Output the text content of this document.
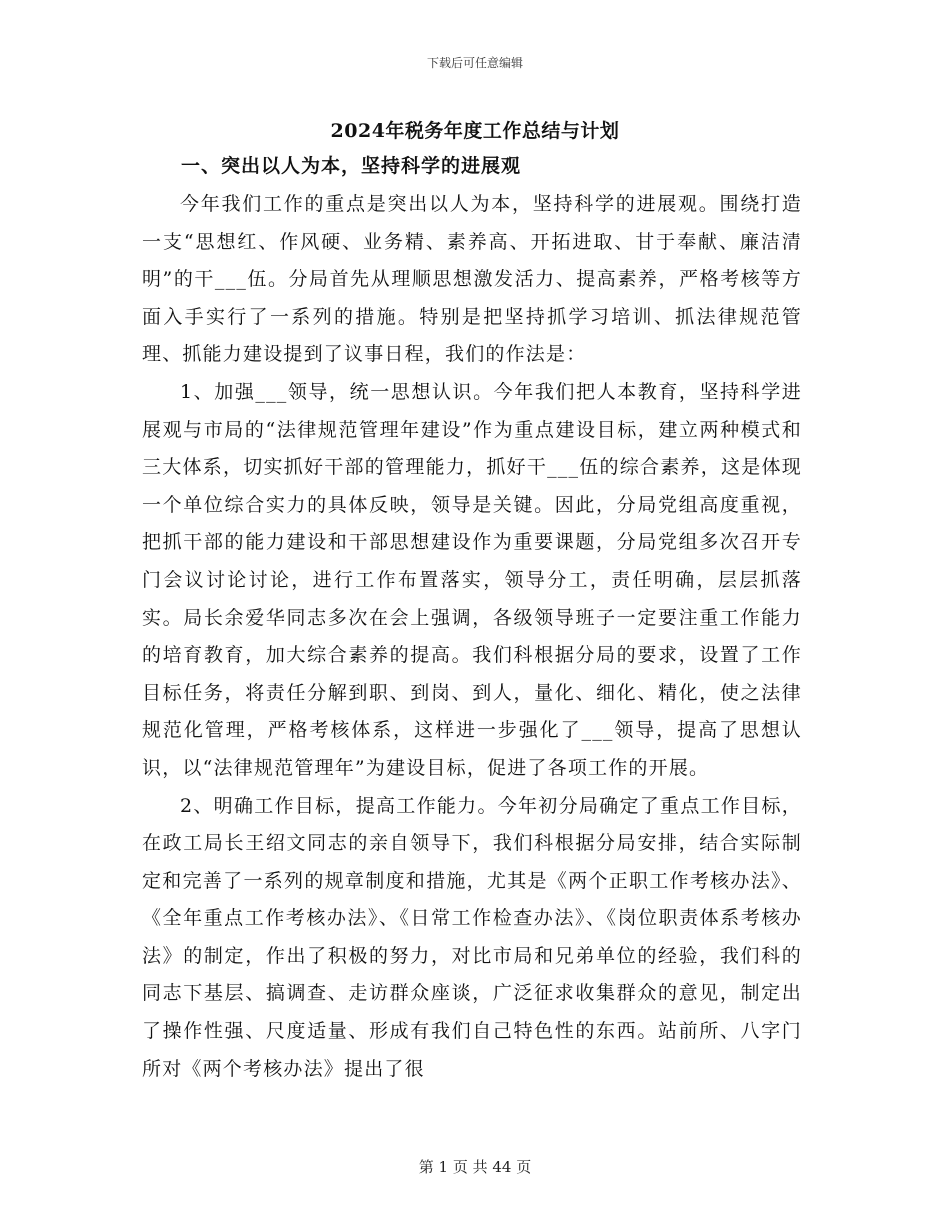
下载后可任意编辑
2024年税务年度工作总结与计划
一、突出以人为本，坚持科学的进展观

今年我们工作的重点是突出以人为本，坚持科学的进展观。围绕打造一支“思想红、作风硬、业务精、素养高、开拓进取、甘于奉献、廉洁清明”的干___伍。分局首先从理顺思想激发活力、提高素养，严格考核等方面入手实行了一系列的措施。特别是把坚持抓学习培训、抓法律规范管理、抓能力建设提到了议事日程，我们的作法是：

1、加强___领导，统一思想认识。今年我们把人本教育，坚持科学进展观与市局的“法律规范管理年建设”作为重点建设目标，建立两种模式和三大体系，切实抓好干部的管理能力，抓好干___伍的综合素养，这是体现一个单位综合实力的具体反映，领导是关键。因此，分局党组高度重视，把抓干部的能力建设和干部思想建设作为重要课题，分局党组多次召开专门会议讨论讨论，进行工作布置落实，领导分工，责任明确，层层抓落实。局长余爱华同志多次在会上强调，各级领导班子一定要注重工作能力的培育教育，加大综合素养的提高。我们科根据分局的要求，设置了工作目标任务，将责任分解到职、到岗、到人，量化、细化、精化，使之法律规范化管理，严格考核体系，这样进一步强化了___领导，提高了思想认识，以“法律规范管理年”为建设目标，促进了各项工作的开展。

2、明确工作目标，提高工作能力。今年初分局确定了重点工作目标，在政工局长王绍文同志的亲自领导下，我们科根据分局安排，结合实际制定和完善了一系列的规章制度和措施，尤其是《两个正职工作考核办法》、《全年重点工作考核办法》、《日常工作检查办法》、《岗位职责体系考核办法》的制定，作出了积极的努力，对比市局和兄弟单位的经验，我们科的同志下基层、搞调查、走访群众座谈，广泛征求收集群众的意见，制定出了操作性强、尺度适量、形成有我们自己特色性的东西。站前所、八字门所对《两个考核办法》提出了很

第 1 页 共 44 页
